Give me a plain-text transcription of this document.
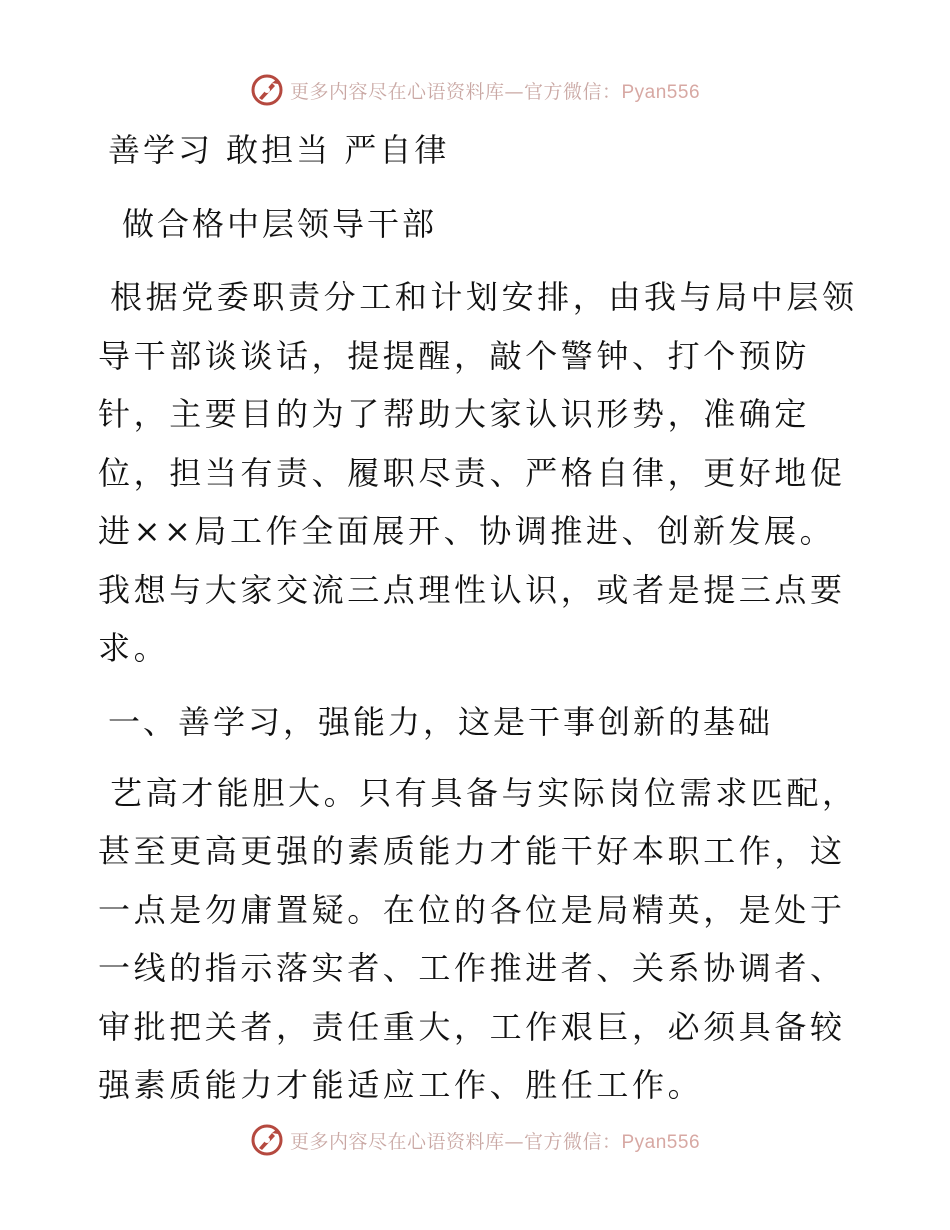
更多内容尽在心语资料库—官方微信：Pyan556
善学习 敢担当 严自律
做合格中层领导干部

根据党委职责分工和计划安排，由我与局中层领导干部谈谈话，提提醒，敲个警钟、打个预防针，主要目的为了帮助大家认识形势，准确定位，担当有责、履职尽责、严格自律，更好地促进××局工作全面展开、协调推进、创新发展。我想与大家交流三点理性认识，或者是提三点要求。

一、善学习，强能力，这是干事创新的基础

艺高才能胆大。只有具备与实际岗位需求匹配，甚至更高更强的素质能力才能干好本职工作，这一点是勿庸置疑。在位的各位是局精英，是处于一线的指示落实者、工作推进者、关系协调者、审批把关者，责任重大，工作艰巨，必须具备较强素质能力才能适应工作、胜任工作。

更多内容尽在心语资料库—官方微信：Pyan556
